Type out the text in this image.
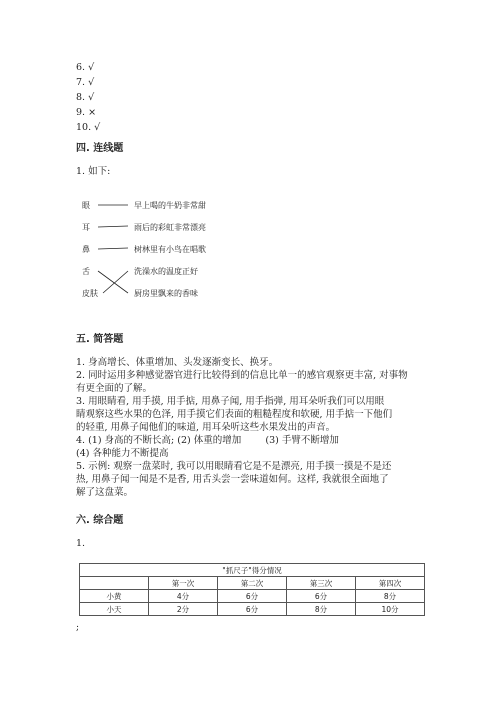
6. √
7. √
8. √
9. ×
10. √
四. 连线题
1. 如下:
眼
耳
鼻
舌
皮肤
早上喝的牛奶非常甜
雨后的彩虹非常漂亮
树林里有小鸟在唱歌
洗澡水的温度正好
厨房里飘来的香味
五. 简答题
1. 身高增长、体重增加、头发逐渐变长、换牙。
2. 同时运用多种感觉器官进行比较得到的信息比单一的感官观察更丰富, 对事物
有更全面的了解。
3. 用眼睛看, 用手摸, 用手掂, 用鼻子闻, 用手指弹, 用耳朵听我们可以用眼
睛观察这些水果的色泽, 用手摸它们表面的粗糙程度和软硬, 用手掂一下他们
的轻重, 用鼻子闻他们的味道, 用耳朵听这些水果发出的声音。
4. (1) 身高的不断长高; (2) 体重的增加        (3) 手臂不断增加
(4) 各种能力不断提高
5. 示例: 观察一盘菜时, 我可以用眼睛看它是不是漂亮, 用手摸一摸是不是还
热, 用鼻子闻一闻是不是香, 用舌头尝一尝味道如何。这样, 我就很全面地了
解了这盘菜。
六. 综合题
1.
"抓尺子"得分情况				
	第一次	第二次	第三次	第四次
小黄	4分	6分	6分	8分
小天	2分	6分	8分	10分
;
